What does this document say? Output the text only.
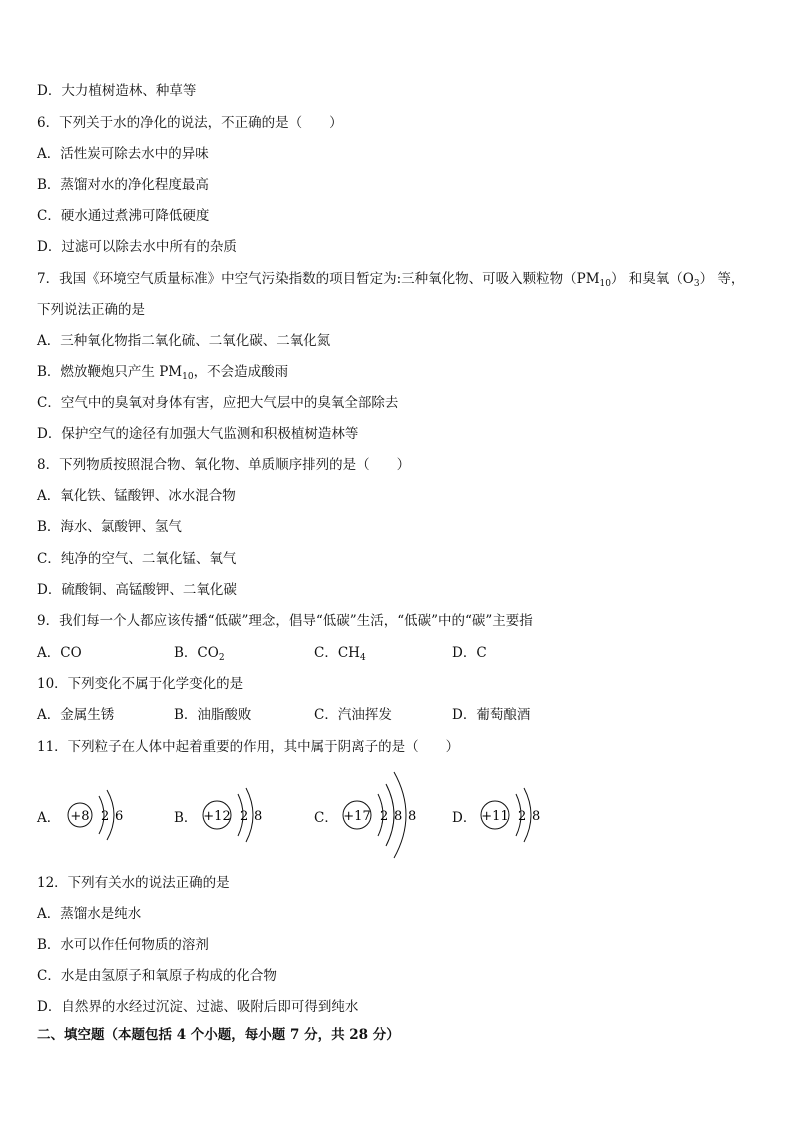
D．大力植树造林、种草等
6．下列关于水的净化的说法，不正确的是（　　）
A．活性炭可除去水中的异味
B．蒸馏对水的净化程度最高
C．硬水通过煮沸可降低硬度
D．过滤可以除去水中所有的杂质
7．我国《环境空气质量标准》中空气污染指数的项目暂定为:三种氧化物、可吸入颗粒物$(PM_{10})$ 和臭氧$(O_3)$ 等，
下列说法正确的是
A．三种氧化物指二氧化硫、二氧化碳、二氧化氮
B．燃放鞭炮只产生 $PM_{10}$，不会造成酸雨
C．空气中的臭氧对身体有害，应把大气层中的臭氧全部除去
D．保护空气的途径有加强大气监测和积极植树造林等
8．下列物质按照混合物、氧化物、单质顺序排列的是（　　）
A．氧化铁、锰酸钾、冰水混合物
B．海水、氯酸钾、氢气
C．纯净的空气、二氧化锰、氧气
D．硫酸铜、高锰酸钾、二氧化碳
9．我们每一个人都应该传播“低碳”理念，倡导“低碳”生活，“低碳”中的“碳”主要指
A．CO	B．$CO_2$	C．$CH_4$	D．C
10．下列变化不属于化学变化的是
A．金属生锈	B．油脂酸败	C．汽油挥发	D．葡萄酿酒
11．下列粒子在人体中起着重要的作用，其中属于阴离子的是（　　）
A． +8 2 6	B． +12 2 8	C． +17 2 8 8	D． +11 2 8
12．下列有关水的说法正确的是
A．蒸馏水是纯水
B．水可以作任何物质的溶剂
C．水是由氢原子和氧原子构成的化合物
D．自然界的水经过沉淀、过滤、吸附后即可得到纯水
二、填空题（本题包括 4 个小题，每小题 7 分，共 28 分）
